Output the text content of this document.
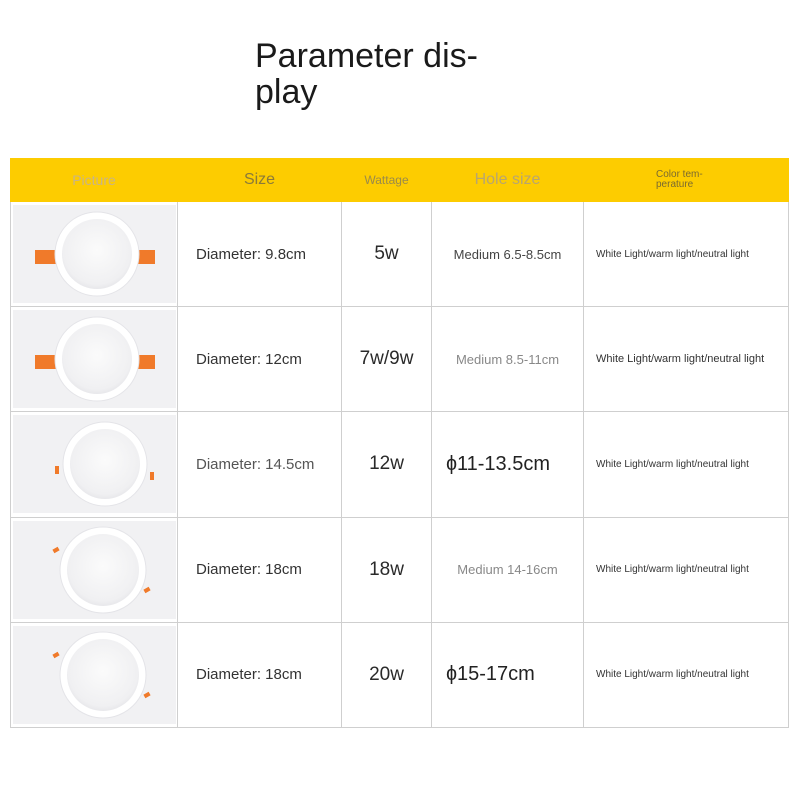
Parameter dis-
play
Picture	Size	Wattage	Hole size	Color tem-
perature

	Diameter: 9.8cm	5w	Medium 6.5-8.5cm	White Light/warm light/neutral light

	Diameter: 12cm	7w/9w	Medium 8.5-11cm	White Light/warm light/neutral light

	Diameter: 14.5cm	12w	ɸ11-13.5cm	White Light/warm light/neutral light

	Diameter: 18cm	18w	Medium 14-16cm	White Light/warm light/neutral light

	Diameter: 18cm	20w	ɸ15-17cm	White Light/warm light/neutral light
